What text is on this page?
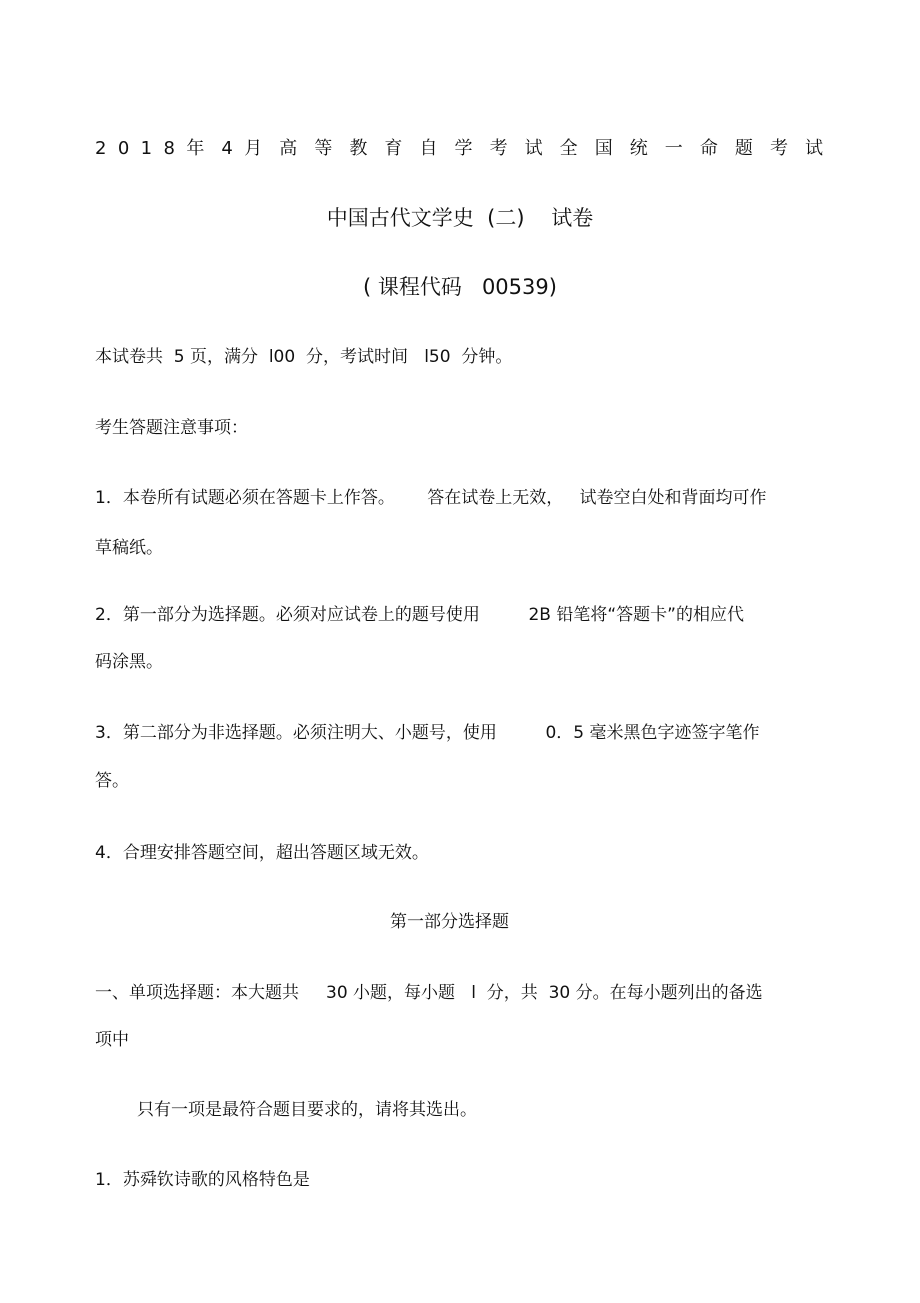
2 0 1 8 年 4 月 高 等 教 育 自 学 考 试 全 国 统 一 命 题 考 试
中国古代文学史  (二)    试卷
( 课程代码   00539)
本试卷共  5 页，满分  l00  分，考试时间   l50  分钟。
考生答题注意事项：
1．本卷所有试题必须在答题卡上作答。      答在试卷上无效，   试卷空白处和背面均可作
草稿纸。
2．第一部分为选择题。必须对应试卷上的题号使用         2B 铅笔将“答题卡”的相应代
码涂黑。
3．第二部分为非选择题。必须注明大、小题号，使用         0．5 毫米黑色字迹签字笔作
答。
4．合理安排答题空间，超出答题区域无效。
第一部分选择题
一、单项选择题：本大题共     30 小题，每小题   l  分，共  30 分。在每小题列出的备选
项中
只有一项是最符合题目要求的，请将其选出。
1．苏舜钦诗歌的风格特色是
